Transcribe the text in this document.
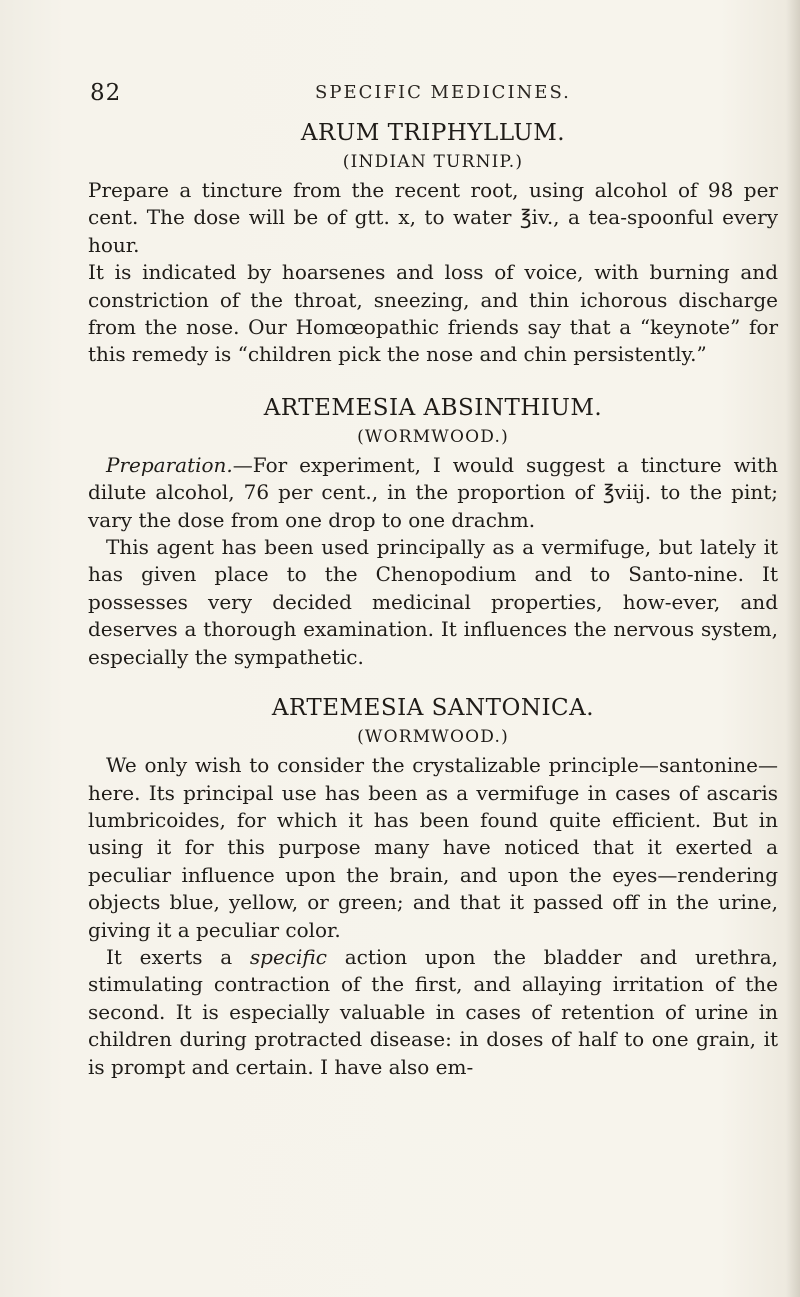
82	SPECIFIC MEDICINES.

ARUM TRIPHYLLUM.

(INDIAN TURNIP.)

Prepare a tincture from the recent root, using alcohol of 98 per cent. The dose will be of gtt. x, to water ℥iv., a tea-spoonful every hour.

It is indicated by hoarsenes and loss of voice, with burning and constriction of the throat, sneezing, and thin ichorous discharge from the nose. Our Homœopathic friends say that a “keynote” for this remedy is “children pick the nose and chin persistently.”

ARTEMESIA ABSINTHIUM.

(WORMWOOD.)

Preparation.—For experiment, I would suggest a tincture with dilute alcohol, 76 per cent., in the proportion of ℥viij. to the pint; vary the dose from one drop to one drachm.

This agent has been used principally as a vermifuge, but lately it has given place to the Chenopodium and to Santo-nine. It possesses very decided medicinal properties, how-ever, and deserves a thorough examination. It influences the nervous system, especially the sympathetic.

ARTEMESIA SANTONICA.

(WORMWOOD.)

We only wish to consider the crystalizable principle—santonine—here. Its principal use has been as a vermifuge in cases of ascaris lumbricoides, for which it has been found quite efficient. But in using it for this purpose many have noticed that it exerted a peculiar influence upon the brain, and upon the eyes—rendering objects blue, yellow, or green; and that it passed off in the urine, giving it a peculiar color.

It exerts a specific action upon the bladder and urethra, stimulating contraction of the first, and allaying irritation of the second. It is especially valuable in cases of retention of urine in children during protracted disease: in doses of half to one grain, it is prompt and certain. I have also em-
